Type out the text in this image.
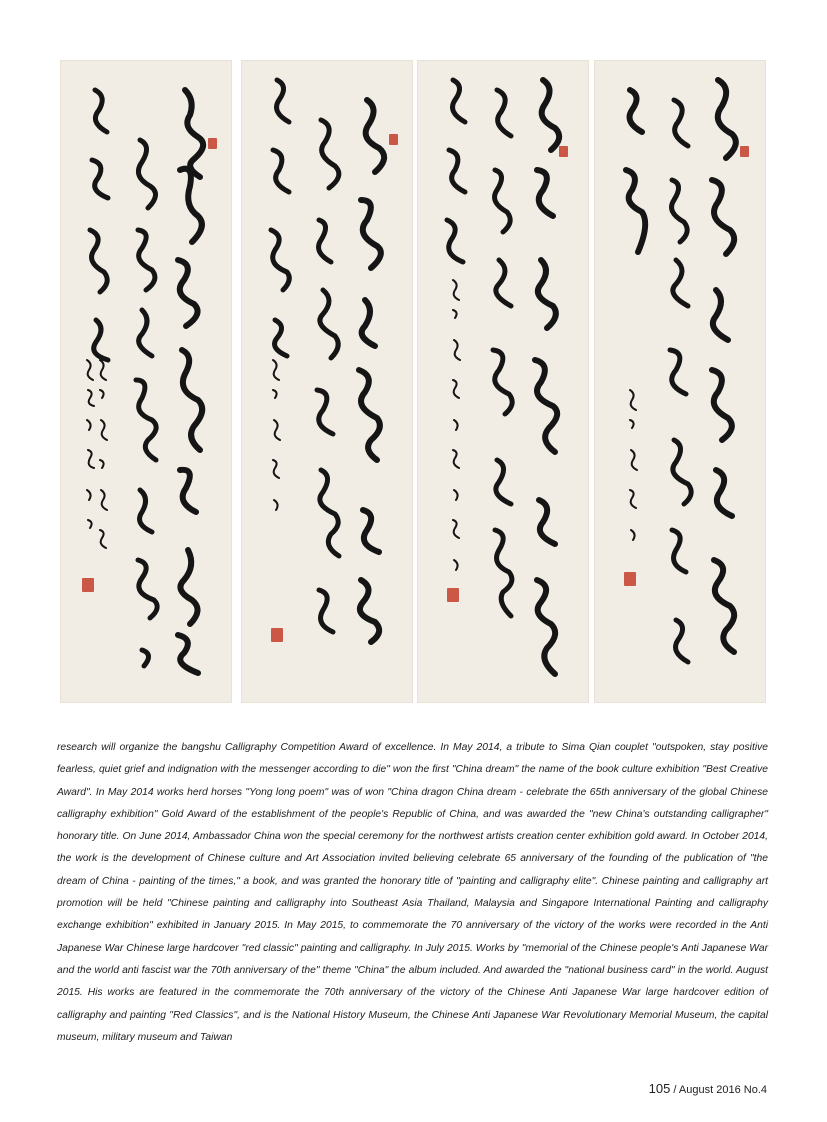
research will organize the bangshu Calligraphy Competition Award of excellence. In May 2014, a tribute to Sima Qian couplet "outspoken, stay positive fearless, quiet grief and indignation with the messenger according to die" won the first "China dream" the name of the book culture exhibition "Best Creative Award". In May 2014 works herd horses "Yong long poem" was of won "China dragon China dream - celebrate the 65th anniversary of the global Chinese calligraphy exhibition" Gold Award of the establishment of the people's Republic of China, and was awarded the "new China's outstanding calligrapher" honorary title. On June 2014, Ambassador China won the special ceremony for the northwest artists creation center exhibition gold award. In October 2014, the work is the development of Chinese culture and Art Association invited believing celebrate 65 anniversary of the founding of the publication of "the dream of China - painting of the times," a book, and was granted the honorary title of "painting and calligraphy elite". Chinese painting and calligraphy art promotion will be held "Chinese painting and calligraphy into Southeast Asia Thailand, Malaysia and Singapore International Painting and calligraphy exchange exhibition" exhibited in January 2015. In May 2015, to commemorate the 70 anniversary of the victory of the works were recorded in the Anti Japanese War Chinese large hardcover "red classic" painting and calligraphy. In July 2015. Works by "memorial of the Chinese people's Anti Japanese War and the world anti fascist war the 70th anniversary of the" theme "China" the album included. And awarded the "national business card" in the world. August 2015. His works are featured in the commemorate the 70th anniversary of the victory of the Chinese Anti Japanese War large hardcover edition of calligraphy and painting "Red Classics", and is the National History Museum, the Chinese Anti Japanese War Revolutionary Memorial Museum, the capital museum, military museum and Taiwan

105 / August 2016 No.4
